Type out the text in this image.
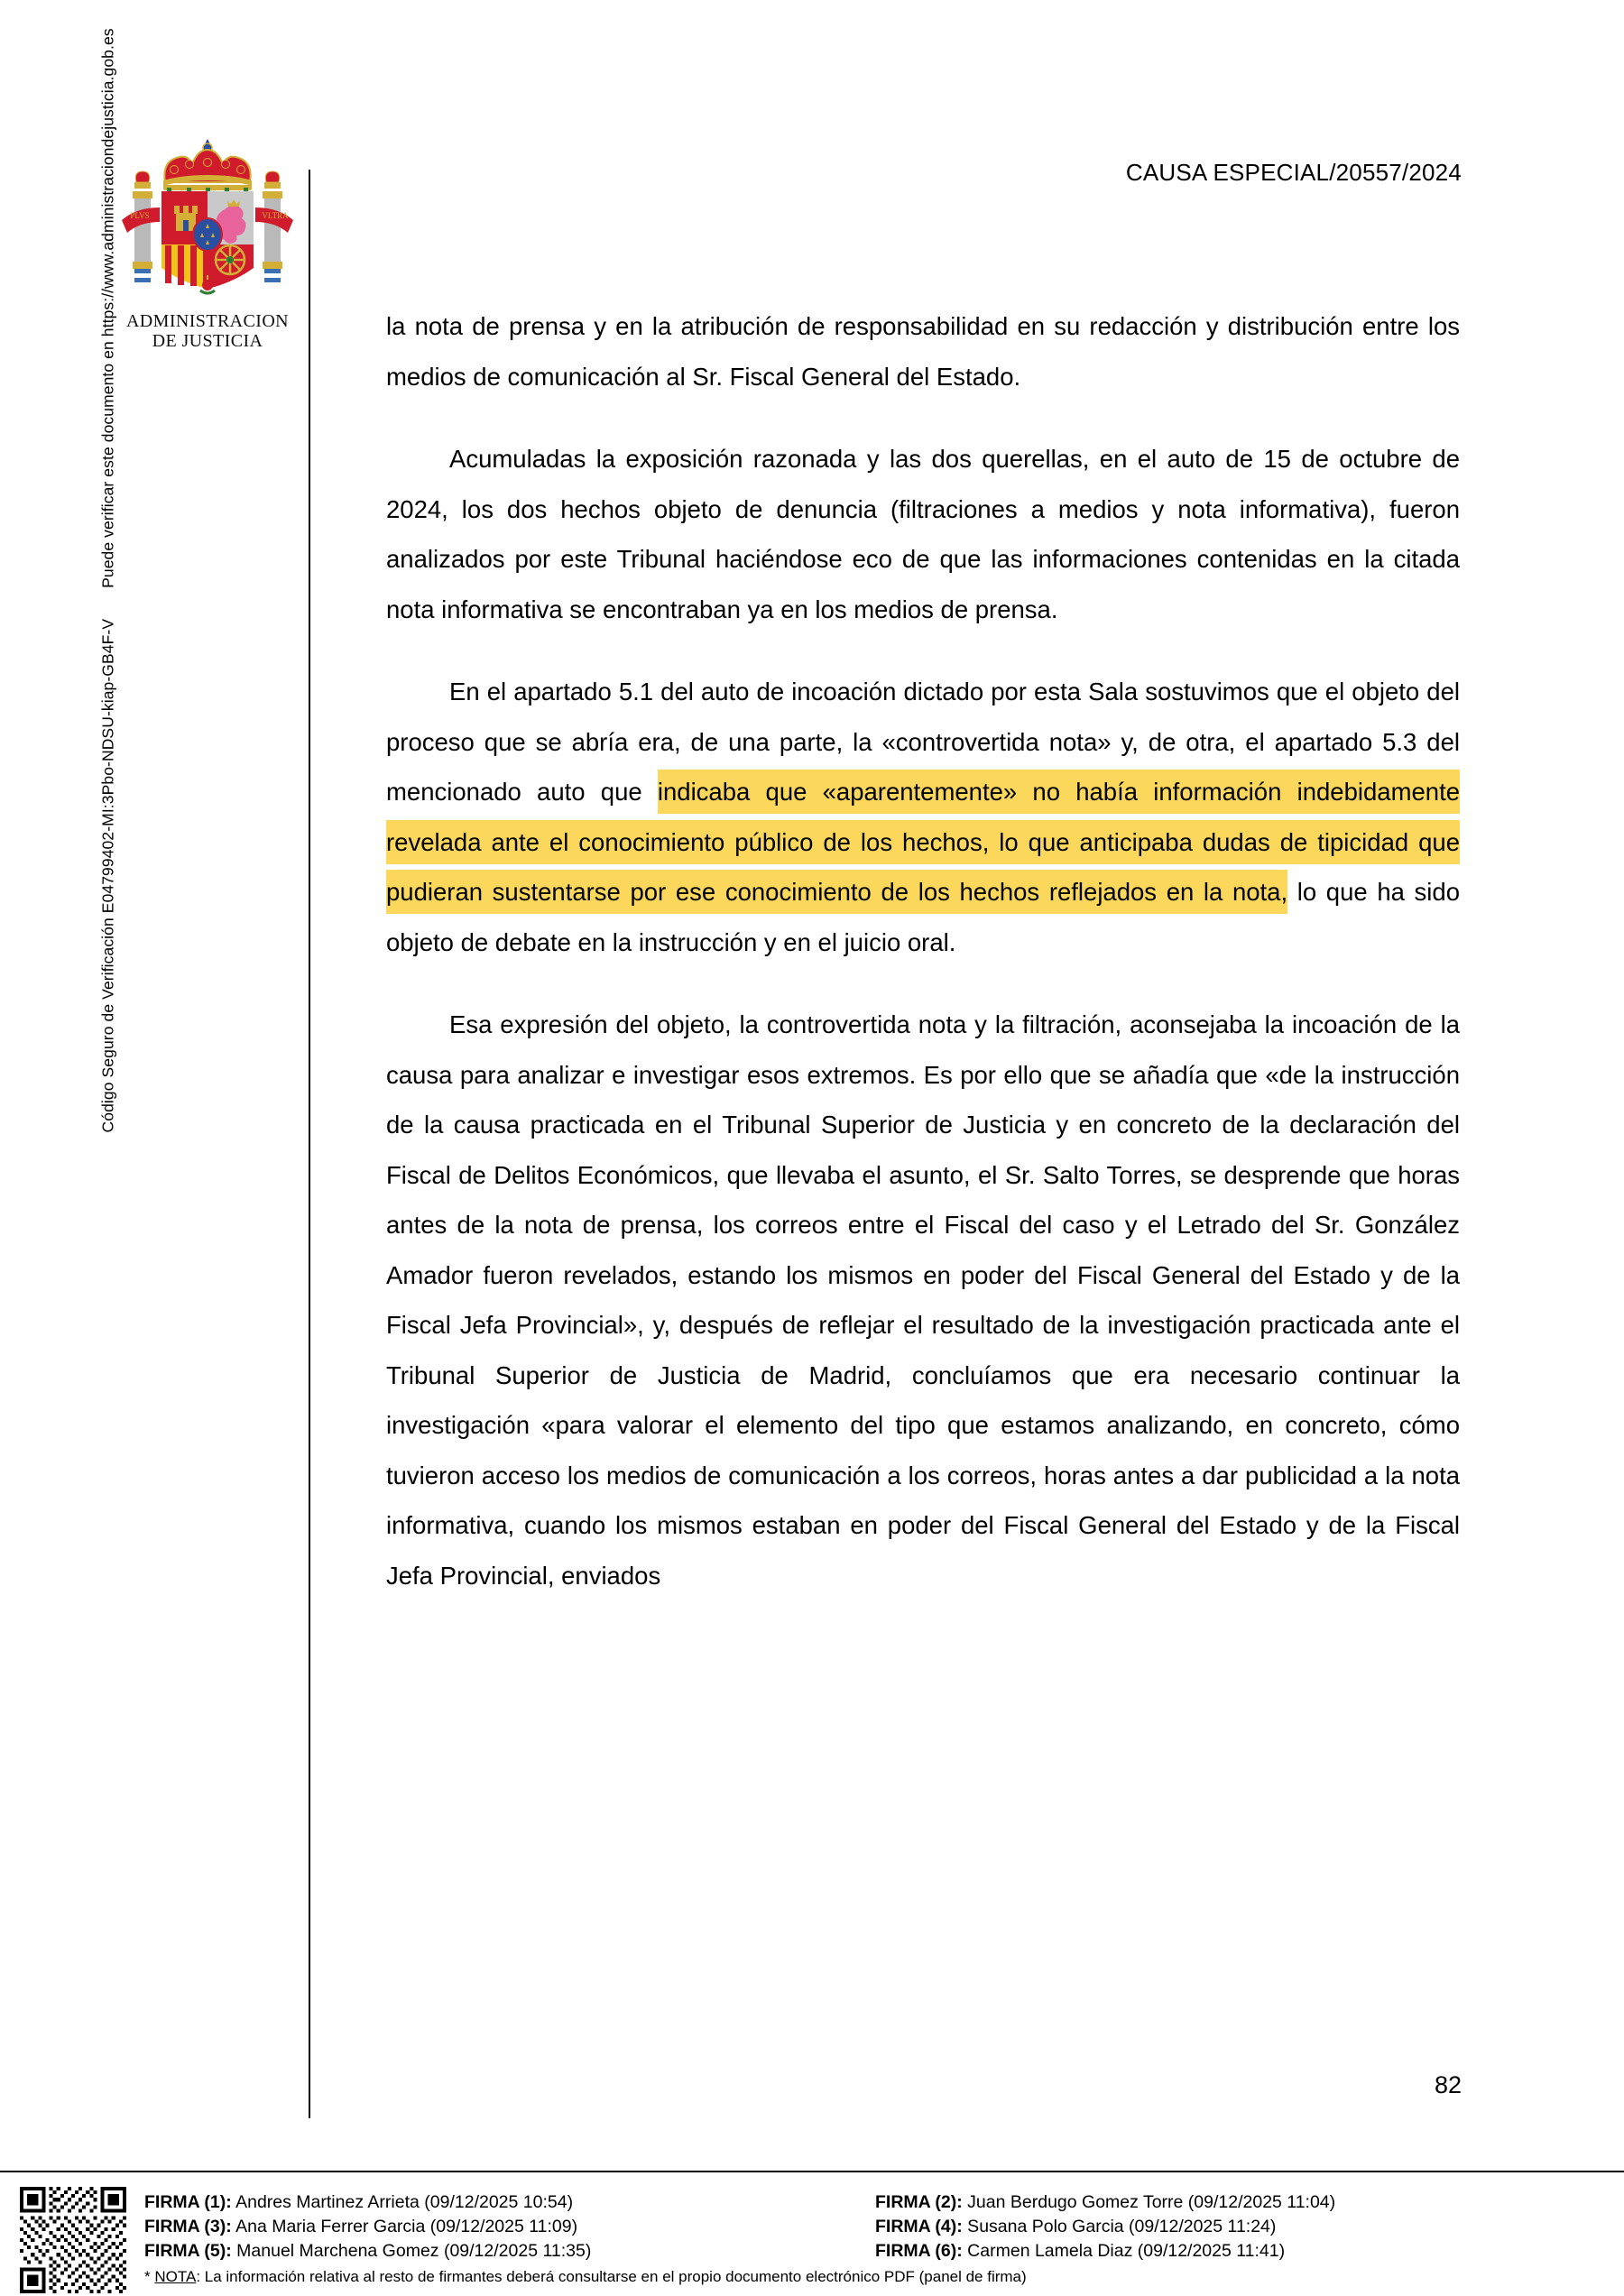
Código Seguro de Verificación E04799402-MI:3Pbo-NDSU-kiap-GB4F-VPuede verificar este documento en https://www.administraciondejusticia.gob.es PLVS	VLTRA
ADMINISTRACION
DE JUSTICIA
CAUSA ESPECIAL/20557/2024
la nota de prensa y en la atribución de responsabilidad en su redacción y distribución entre los medios de comunicación al Sr. Fiscal General del Estado.
Acumuladas la exposición razonada y las dos querellas, en el auto de 15 de octubre de 2024, los dos hechos objeto de denuncia (filtraciones a medios y nota informativa), fueron analizados por este Tribunal haciéndose eco de que las informaciones contenidas en la citada nota informativa se encontraban ya en los medios de prensa.
En el apartado 5.1 del auto de incoación dictado por esta Sala sostuvimos que el objeto del proceso que se abría era, de una parte, la «controvertida nota» y, de otra, el apartado 5.3 del mencionado auto que indicaba que «aparentemente» no había información indebidamente revelada ante el conocimiento público de los hechos, lo que anticipaba dudas de tipicidad que pudieran sustentarse por ese conocimiento de los hechos reflejados en la nota, lo que ha sido objeto de debate en la instrucción y en el juicio oral.
Esa expresión del objeto, la controvertida nota y la filtración, aconsejaba la incoación de la causa para analizar e investigar esos extremos. Es por ello que se añadía que «de la instrucción de la causa practicada en el Tribunal Superior de Justicia y en concreto de la declaración del Fiscal de Delitos Económicos, que llevaba el asunto, el Sr. Salto Torres, se desprende que horas antes de la nota de prensa, los correos entre el Fiscal del caso y el Letrado del Sr. González Amador fueron revelados, estando los mismos en poder del Fiscal General del Estado y de la Fiscal Jefa Provincial», y, después de reflejar el resultado de la investigación practicada ante el Tribunal Superior de Justicia de Madrid, concluíamos que era necesario continuar la investigación «para valorar el elemento del tipo que estamos analizando, en concreto, cómo tuvieron acceso los medios de comunicación a los correos, horas antes a dar publicidad a la nota informativa, cuando los mismos estaban en poder del Fiscal General del Estado y de la Fiscal Jefa Provincial, enviados
82
FIRMA (1): Andres Martinez Arrieta (09/12/2025 10:54)	FIRMA (2): Juan Berdugo Gomez Torre (09/12/2025 11:04)
FIRMA (3): Ana Maria Ferrer Garcia (09/12/2025 11:09)	FIRMA (4): Susana Polo Garcia (09/12/2025 11:24)
FIRMA (5): Manuel Marchena Gomez (09/12/2025 11:35)	FIRMA (6): Carmen Lamela Diaz (09/12/2025 11:41)
* NOTA: La información relativa al resto de firmantes deberá consultarse en el propio documento electrónico PDF (panel de firma)
